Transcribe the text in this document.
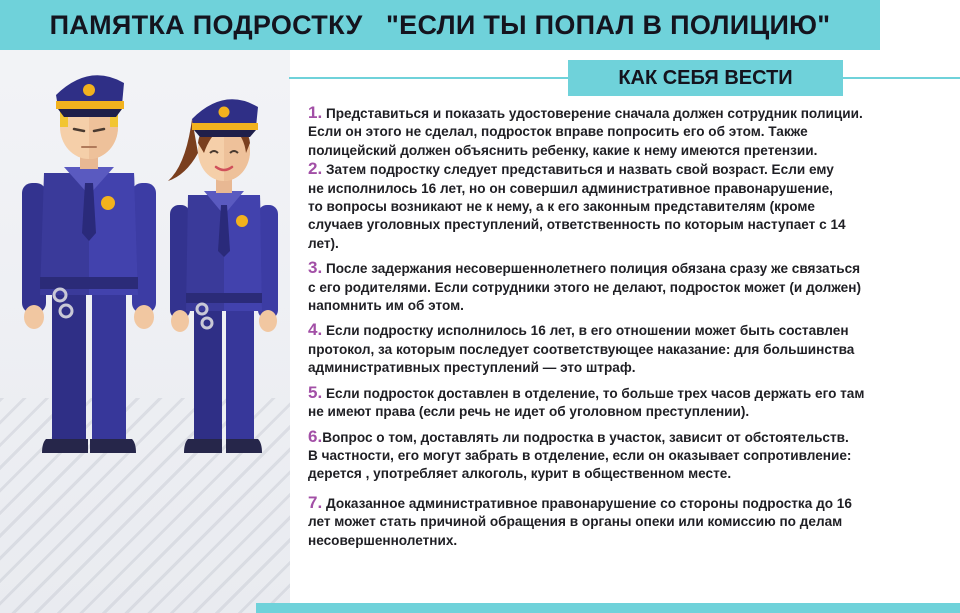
ПАМЯТКА ПОДРОСТКУ   "ЕСЛИ ТЫ ПОПАЛ В ПОЛИЦИЮ"
КАК СЕБЯ ВЕСТИ
1. Представиться и показать удостоверение сначала должен сотрудник полиции.
Если он этого не сделал, подросток вправе попросить его об этом. Также
полицейский должен объяснить ребенку, какие к нему имеются претензии.
2. Затем подростку следует представиться и назвать свой возраст. Если ему
не исполнилось 16 лет, но он совершил административное правонарушение,
то вопросы возникают не к нему, а к его законным представителям (кроме
случаев уголовных преступлений, ответственность по которым наступает с 14
лет).
3. После задержания несовершеннолетнего полиция обязана сразу же связаться
с его родителями. Если сотрудники этого не делают, подросток может (и должен)
напомнить им об этом.
4. Если подростку исполнилось 16 лет, в его отношении может быть составлен
протокол, за которым последует соответствующее наказание: для большинства
административных преступлений — это штраф.
5. Если подросток доставлен в отделение, то больше трех часов держать его там
не имеют права (если речь не идет об уголовном преступлении).
6.Вопрос о том, доставлять ли подростка в участок, зависит от обстоятельств.
В частности, его могут забрать в отделение, если он оказывает сопротивление:
дерется , употребляет алкоголь, курит в общественном месте.
7. Доказанное административное правонарушение со стороны подростка до 16
лет может стать причиной обращения в органы опеки или комиссию по делам
несовершеннолетних.
